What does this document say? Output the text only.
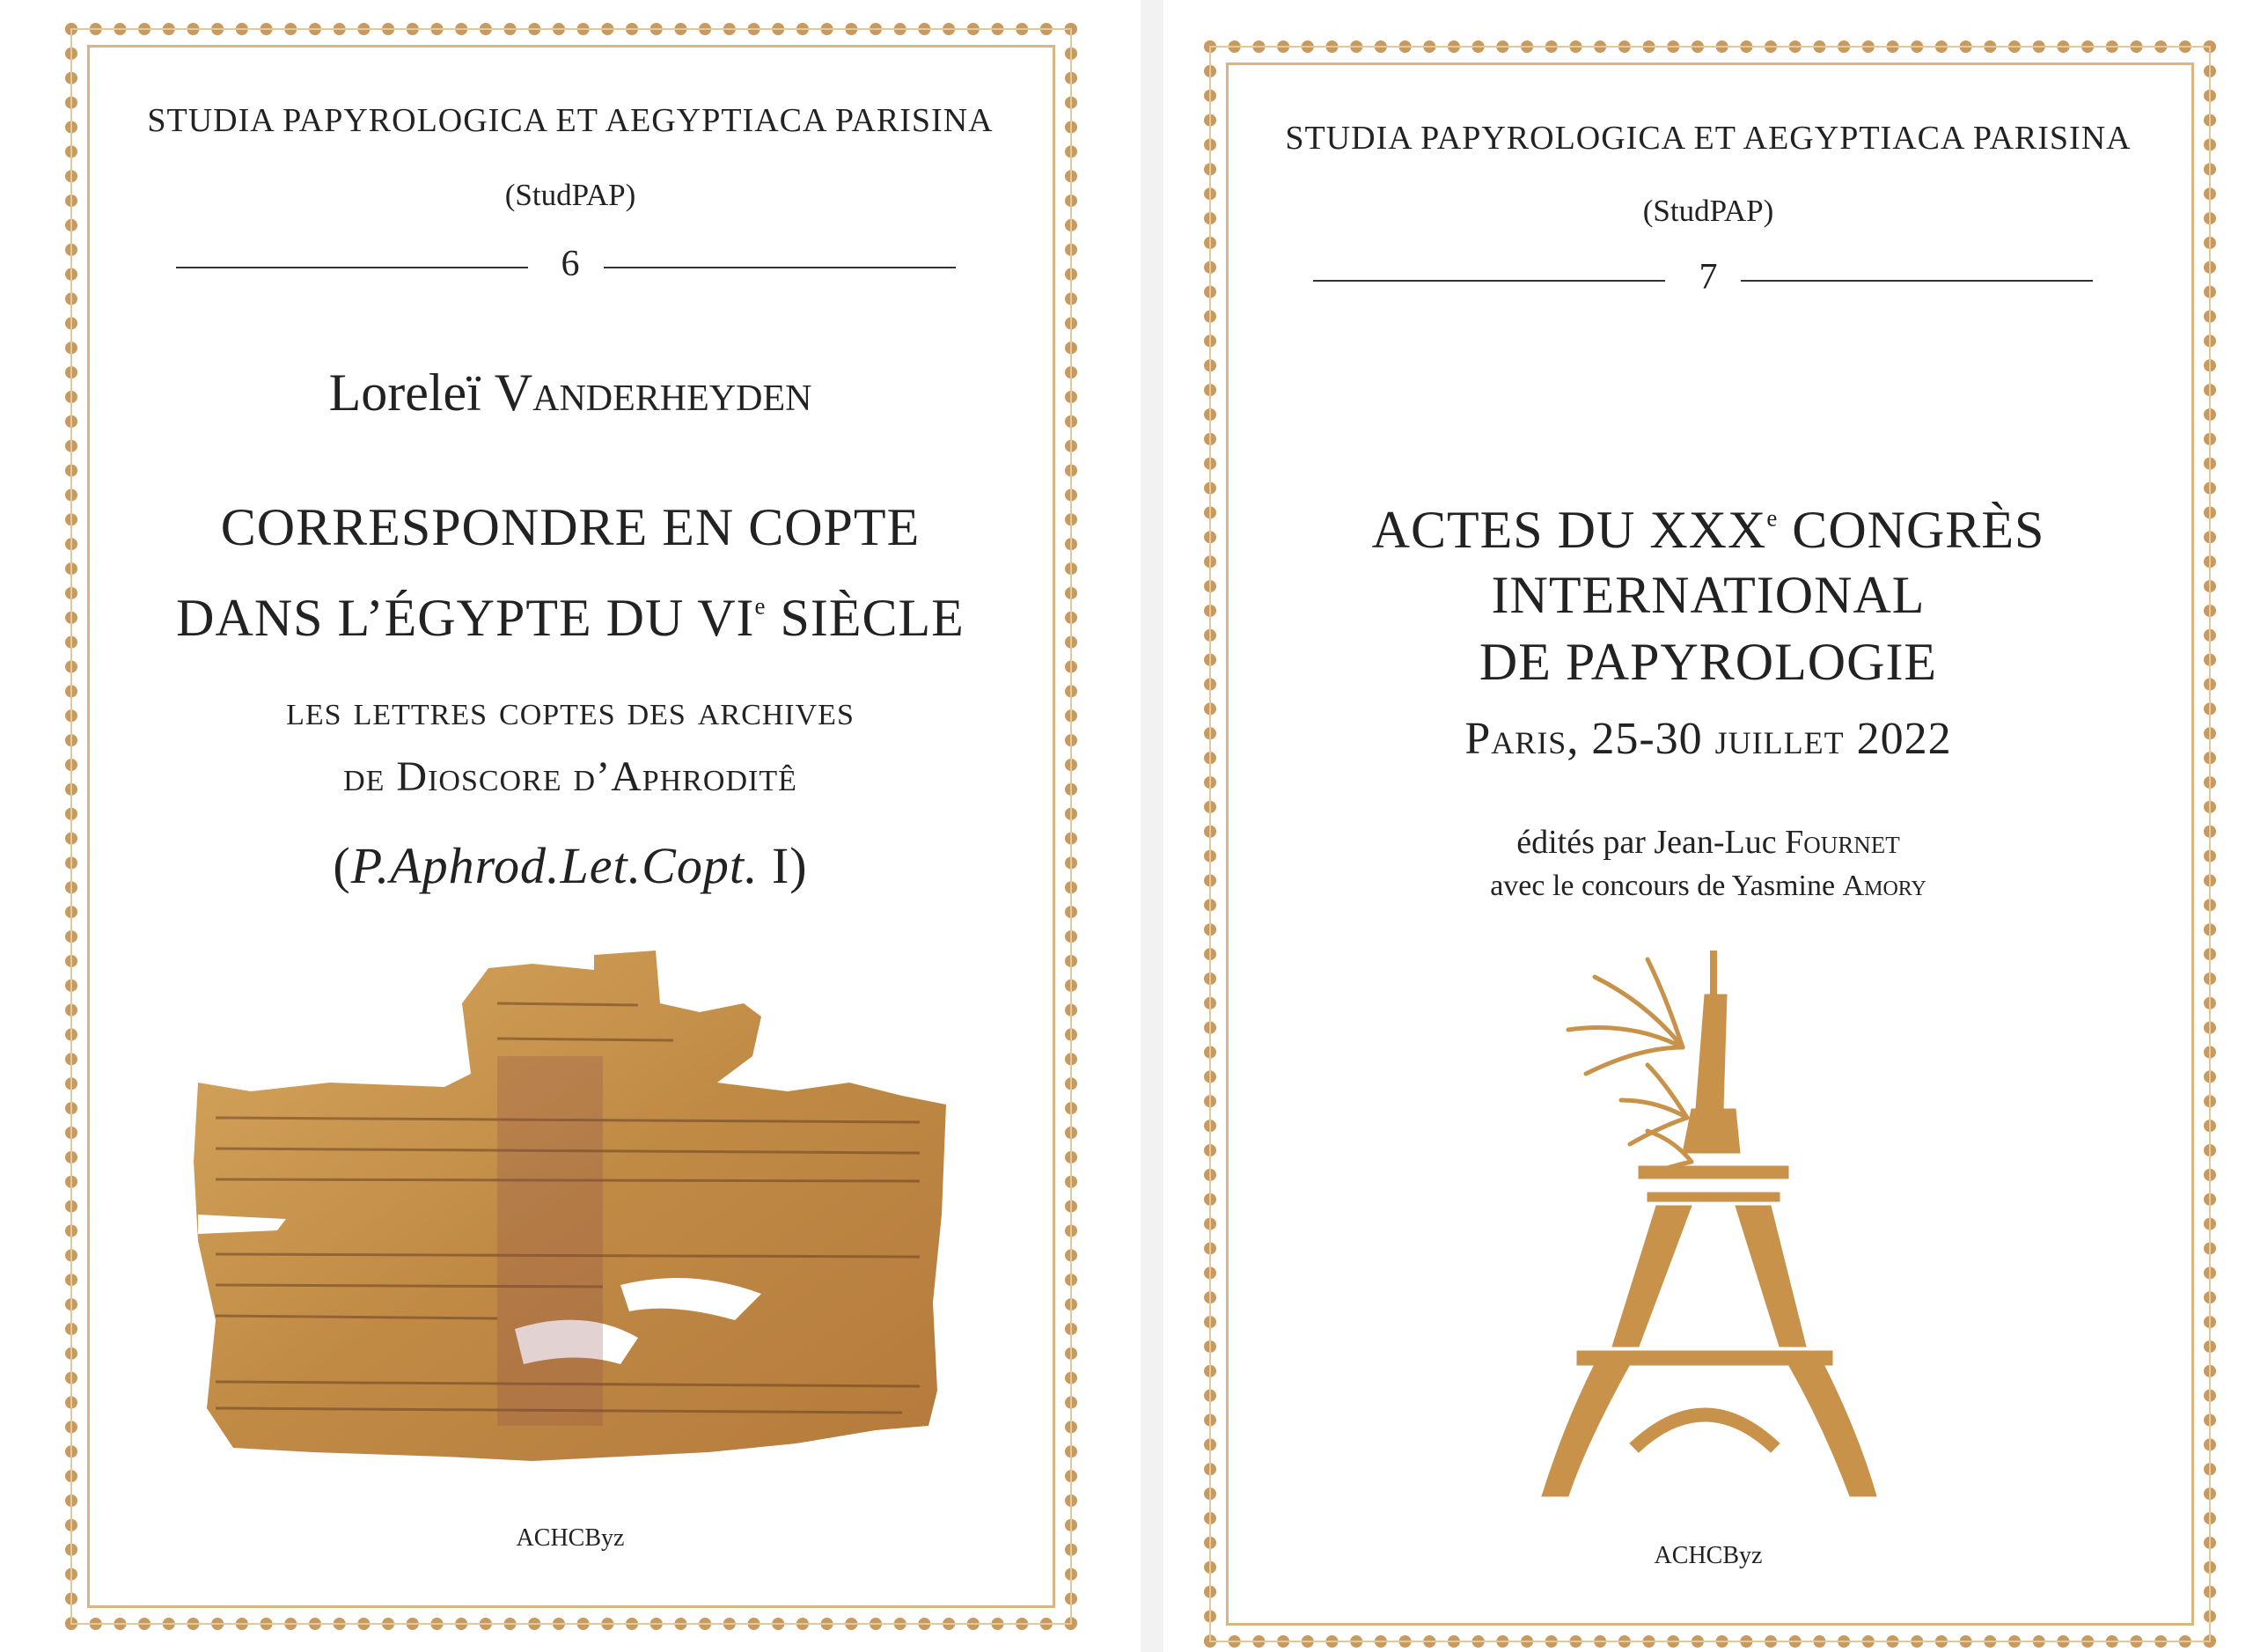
STUDIA PAPYROLOGICA ET AEGYPTIACA PARISINA
(StudPAP)
6
Loreleï Vanderheyden
CORRESPONDRE EN COPTE
DANS L’ÉGYPTE DU VIe SIÈCLE
les lettres coptes des archives
de Dioscore d’Aphroditê
(P.Aphrod.Let.Copt. I)
ACHCByz
STUDIA PAPYROLOGICA ET AEGYPTIACA PARISINA
(StudPAP)
7
ACTES DU XXXe CONGRÈS
INTERNATIONAL
DE PAPYROLOGIE
Paris, 25-30 juillet 2022
édités par Jean-Luc Fournet
avec le concours de Yasmine Amory
ACHCByz
